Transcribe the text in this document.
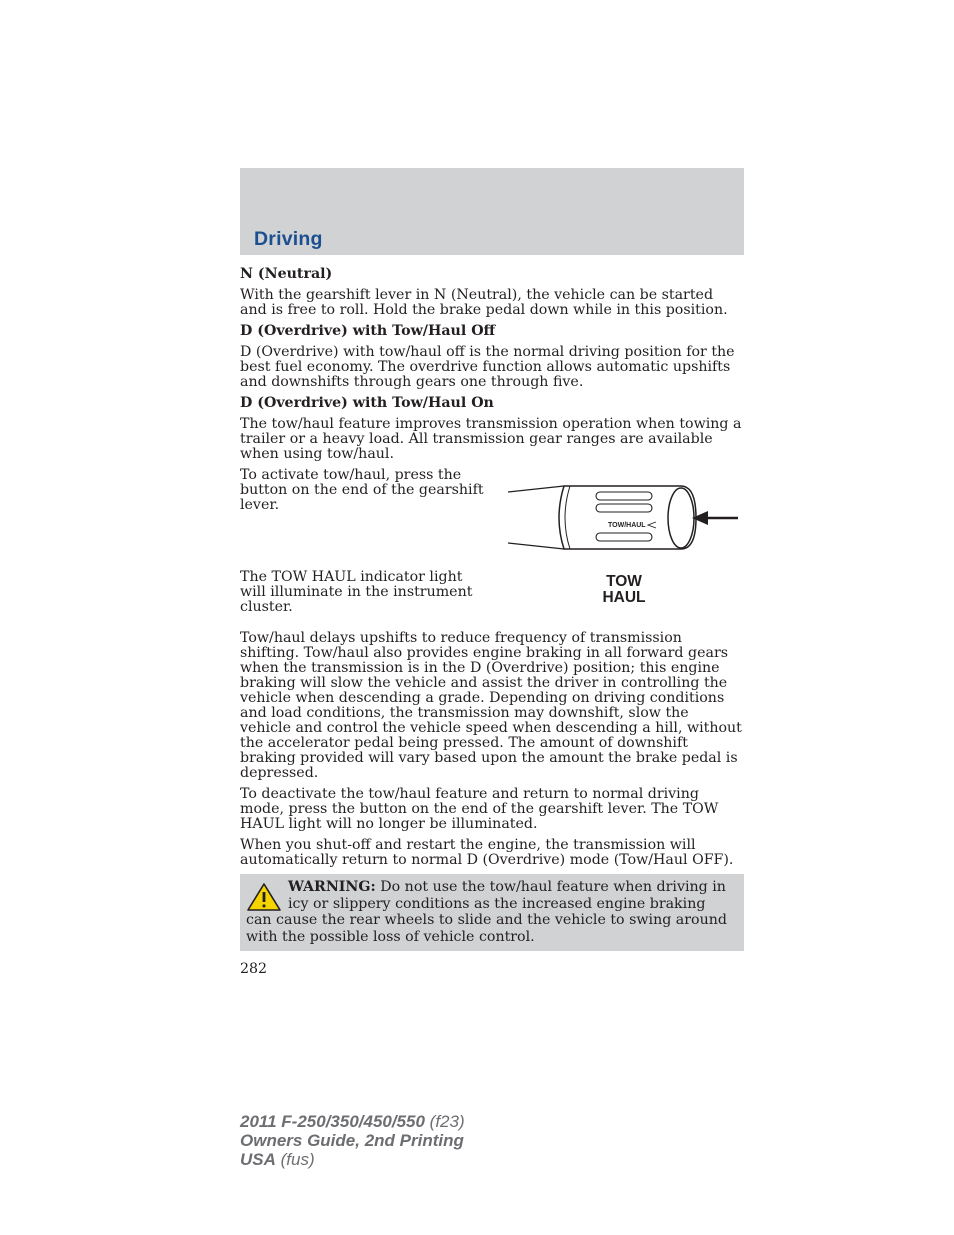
Driving

N (Neutral)

With the gearshift lever in N (Neutral), the vehicle can be started and is free to roll. Hold the brake pedal down while in this position.

D (Overdrive) with Tow/Haul Off

D (Overdrive) with tow/haul off is the normal driving position for the best fuel economy. The overdrive function allows automatic upshifts and downshifts through gears one through five.

D (Overdrive) with Tow/Haul On

The tow/haul feature improves transmission operation when towing a trailer or a heavy load. All transmission gear ranges are available when using tow/haul.

To activate tow/haul, press the button on the end of the gearshift lever.

TOW/HAUL

The TOW HAUL indicator light will illuminate in the instrument cluster.

TOW
HAUL

Tow/haul delays upshifts to reduce frequency of transmission shifting. Tow/haul also provides engine braking in all forward gears when the transmission is in the D (Overdrive) position; this engine braking will slow the vehicle and assist the driver in controlling the vehicle when descending a grade. Depending on driving conditions and load conditions, the transmission may downshift, slow the vehicle and control the vehicle speed when descending a hill, without the accelerator pedal being pressed. The amount of downshift braking provided will vary based upon the amount the brake pedal is depressed.

To deactivate the tow/haul feature and return to normal driving mode, press the button on the end of the gearshift lever. The TOW HAUL light will no longer be illuminated.

When you shut-off and restart the engine, the transmission will automatically return to normal D (Overdrive) mode (Tow/Haul OFF).

WARNING: Do not use the tow/haul feature when driving in icy or slippery conditions as the increased engine braking can cause the rear wheels to slide and the vehicle to swing around with the possible loss of vehicle control.

282

2011 F-250/350/450/550 (f23)
Owners Guide, 2nd Printing
USA (fus)
